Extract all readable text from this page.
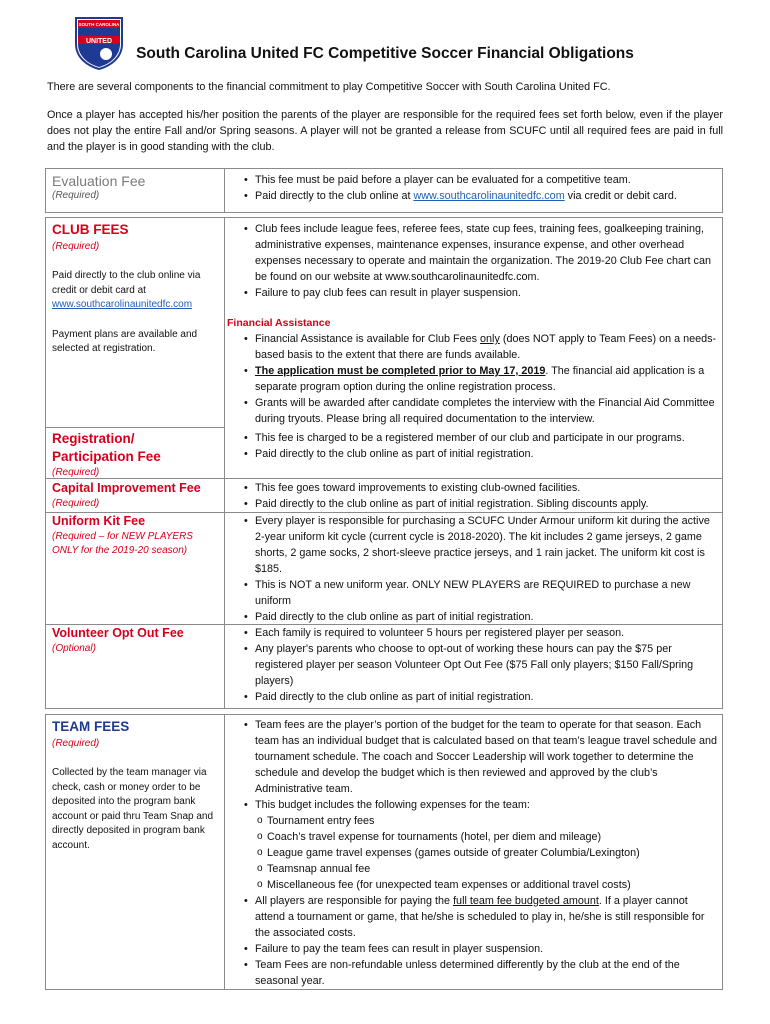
SOUTH CAROLINA
UNITED
South Carolina United FC Competitive Soccer Financial Obligations
There are several components to the financial commitment to play Competitive Soccer with South Carolina United FC.
Once a player has accepted his/her position the parents of the player are responsible for the required fees set forth below, even if the player does not play the entire Fall and/or Spring seasons. A player will not be granted a release from SCUFC until all required fees are paid in full and the player is in good standing with the club.
Evaluation Fee
(Required)
• This fee must be paid before a player can be evaluated for a competitive team.
• Paid directly to the club online at www.southcarolinaunitedfc.com via credit or debit card.
CLUB FEES
(Required)
Paid directly to the club online via credit or debit card at
www.southcarolinaunitedfc.com
Payment plans are available and selected at registration.
• Club fees include league fees, referee fees, state cup fees, training fees, goalkeeping training, administrative expenses, maintenance expenses, insurance expense, and other overhead expenses necessary to operate and maintain the organization. The 2019-20 Club Fee chart can be found on our website at www.southcarolinaunitedfc.com.
• Failure to pay club fees can result in player suspension.
Financial Assistance
• Financial Assistance is available for Club Fees only (does NOT apply to Team Fees) on a needs- based basis to the extent that there are funds available.
• The application must be completed prior to May 17, 2019. The financial aid application is a separate program option during the online registration process.
• Grants will be awarded after candidate completes the interview with the Financial Aid Committee during tryouts. Please bring all required documentation to the interview.
Registration/
Participation Fee
(Required)
• This fee is charged to be a registered member of our club and participate in our programs.
• Paid directly to the club online as part of initial registration.
Capital Improvement Fee
(Required)
• This fee goes toward improvements to existing club-owned facilities.
• Paid directly to the club online as part of initial registration. Sibling discounts apply.
Uniform Kit Fee
(Required – for NEW PLAYERS ONLY for the 2019-20 season)
• Every player is responsible for purchasing a SCUFC Under Armour uniform kit during the active 2-year uniform kit cycle (current cycle is 2018-2020). The kit includes 2 game jerseys, 2 game shorts, 2 game socks, 2 short-sleeve practice jerseys, and 1 rain jacket. The uniform kit cost is $185.
• This is NOT a new uniform year. ONLY NEW PLAYERS are REQUIRED to purchase a new uniform
• Paid directly to the club online as part of initial registration.
Volunteer Opt Out Fee
(Optional)
• Each family is required to volunteer 5 hours per registered player per season.
• Any player's parents who choose to opt-out of working these hours can pay the $75 per registered player per season Volunteer Opt Out Fee ($75 Fall only players; $150 Fall/Spring players)
• Paid directly to the club online as part of initial registration.
TEAM FEES
(Required)
Collected by the team manager via check, cash or money order to be deposited into the program bank account or paid thru Team Snap and directly deposited in program bank account.
• Team fees are the player’s portion of the budget for the team to operate for that season. Each team has an individual budget that is calculated based on that team’s league travel schedule and tournament schedule. The coach and Soccer Leadership will work together to determine the schedule and develop the budget which is then reviewed and approved by the club’s Administrative team.
• This budget includes the following expenses for the team:
o Tournament entry fees
o Coach’s travel expense for tournaments (hotel, per diem and mileage)
o League game travel expenses (games outside of greater Columbia/Lexington)
o Teamsnap annual fee
o Miscellaneous fee (for unexpected team expenses or additional travel costs)
• All players are responsible for paying the full team fee budgeted amount. If a player cannot attend a tournament or game, that he/she is scheduled to play in, he/she is still responsible for the associated costs.
• Failure to pay the team fees can result in player suspension.
• Team Fees are non-refundable unless determined differently by the club at the end of the seasonal year.
